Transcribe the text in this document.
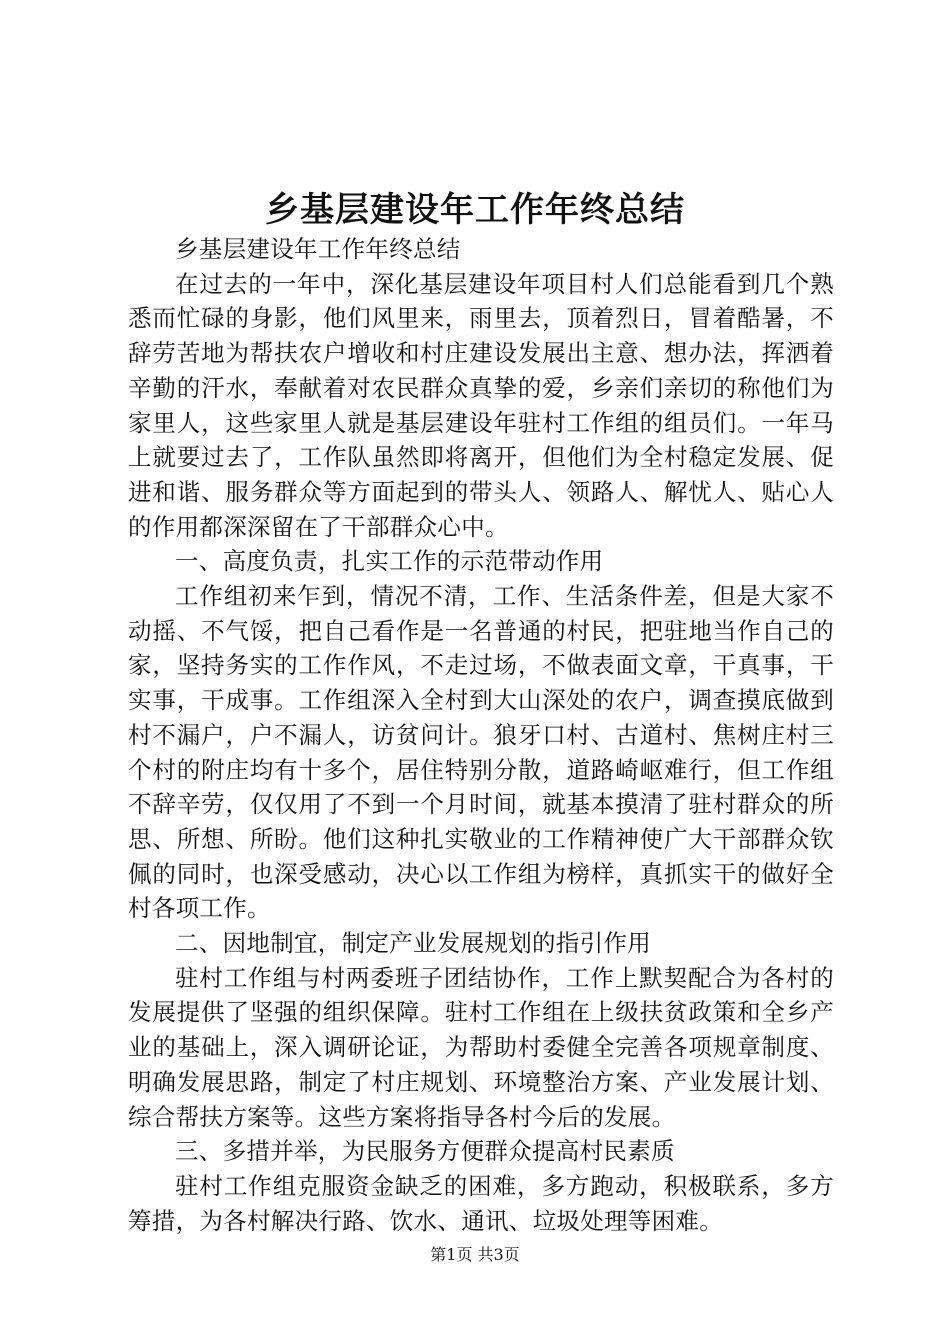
乡基层建设年工作年终总结

乡基层建设年工作年终总结

在过去的一年中，深化基层建设年项目村人们总能看到几个熟悉而忙碌的身影，他们风里来，雨里去，顶着烈日，冒着酷暑，不辞劳苦地为帮扶农户增收和村庄建设发展出主意、想办法，挥洒着辛勤的汗水，奉献着对农民群众真挚的爱，乡亲们亲切的称他们为家里人，这些家里人就是基层建设年驻村工作组的组员们。一年马上就要过去了，工作队虽然即将离开，但他们为全村稳定发展、促进和谐、服务群众等方面起到的带头人、领路人、解忧人、贴心人的作用都深深留在了干部群众心中。

一、高度负责，扎实工作的示范带动作用

工作组初来乍到，情况不清，工作、生活条件差，但是大家不动摇、不气馁，把自己看作是一名普通的村民，把驻地当作自己的家，坚持务实的工作作风，不走过场，不做表面文章，干真事，干实事，干成事。工作组深入全村到大山深处的农户，调查摸底做到村不漏户，户不漏人，访贫问计。狼牙口村、古道村、焦树庄村三个村的附庄均有十多个，居住特别分散，道路崎岖难行，但工作组不辞辛劳，仅仅用了不到一个月时间，就基本摸清了驻村群众的所思、所想、所盼。他们这种扎实敬业的工作精神使广大干部群众钦佩的同时，也深受感动，决心以工作组为榜样，真抓实干的做好全村各项工作。

二、因地制宜，制定产业发展规划的指引作用

驻村工作组与村两委班子团结协作，工作上默契配合为各村的发展提供了坚强的组织保障。驻村工作组在上级扶贫政策和全乡产业的基础上，深入调研论证，为帮助村委健全完善各项规章制度、明确发展思路，制定了村庄规划、环境整治方案、产业发展计划、综合帮扶方案等。这些方案将指导各村今后的发展。

三、多措并举，为民服务方便群众提高村民素质

驻村工作组克服资金缺乏的困难，多方跑动，积极联系，多方筹措，为各村解决行路、饮水、通讯、垃圾处理等困难。

第1页 共3页
